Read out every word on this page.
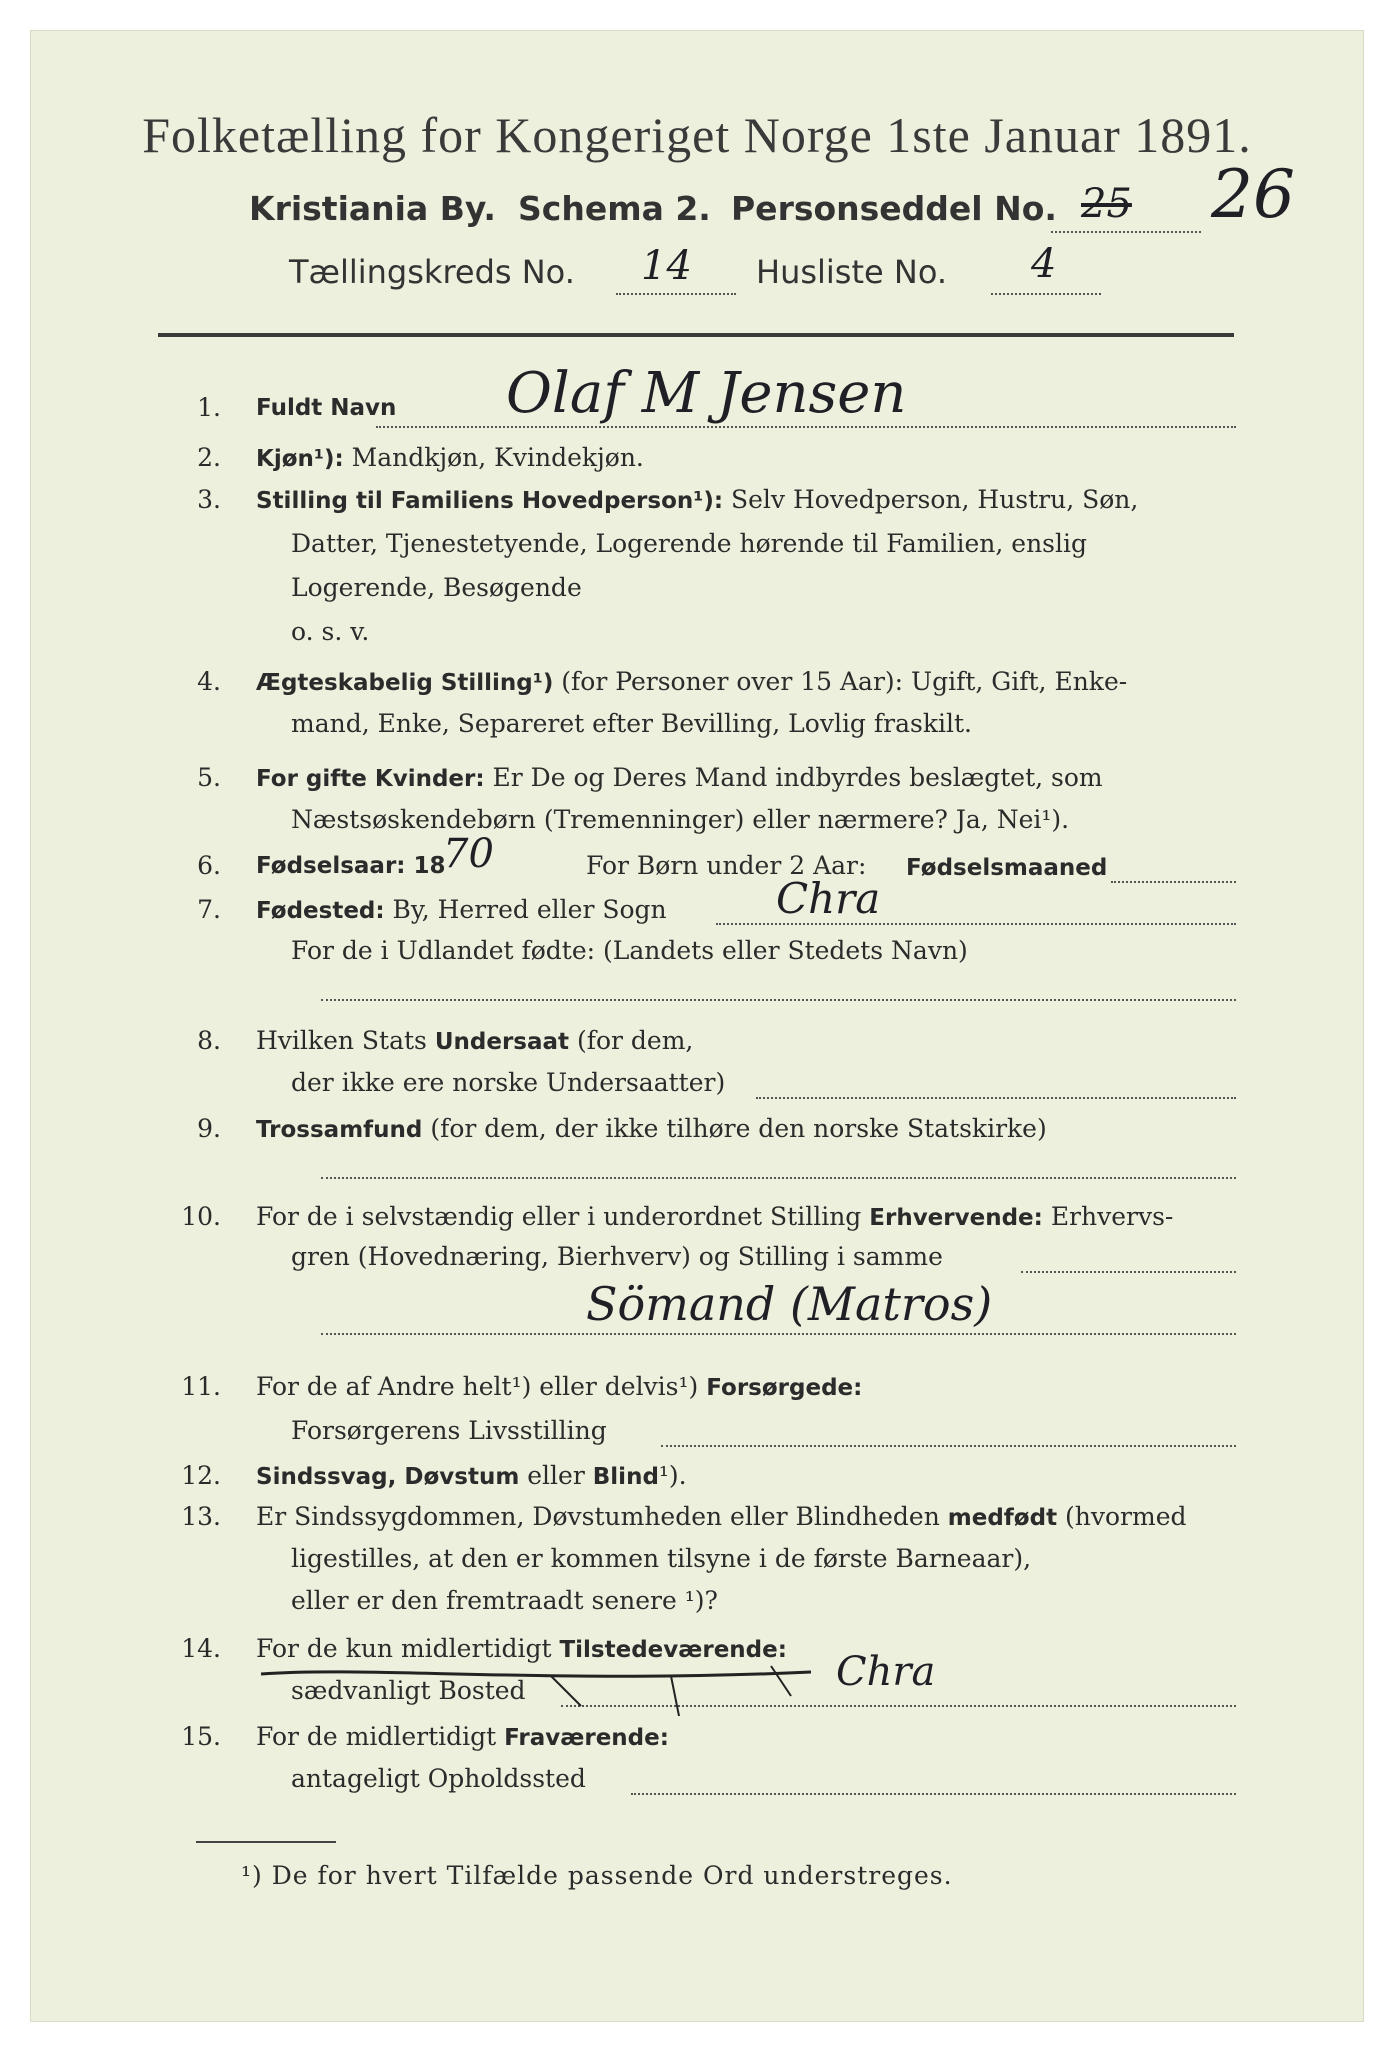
Folketælling for Kongeriget Norge 1ste Januar 1891.
Kristiania By. Schema 2. Personseddel No. 25 26
Tællingskreds No. 14 Husliste No. 4
1. Fuldt Navn Olaf M Jensen
2. Kjøn¹): Mandkjøn, Kvindekjøn.
3. Stilling til Familiens Hovedperson¹): Selv Hovedperson, Hustru, Søn,
Datter, Tjenestetyende, Logerende hørende til Familien, enslig
Logerende, Besøgende
o. s. v.
4. Ægteskabelig Stilling¹) (for Personer over 15 Aar): Ugift, Gift, Enke-
mand, Enke, Separeret efter Bevilling, Lovlig fraskilt.
5. For gifte Kvinder: Er De og Deres Mand indbyrdes beslægtet, som
Næstsøskendebørn (Tremenninger) eller nærmere? Ja, Nei¹).
6. Fødselsaar: 18
70	For Børn under 2 Aar: Fødselsmaaned
7. Fødested: By, Herred eller Sogn	Chra
For de i Udlandet fødte: (Landets eller Stedets Navn)
8. Hvilken Stats Undersaat (for dem,
der ikke ere norske Undersaatter)
9. Trossamfund (for dem, der ikke tilhøre den norske Statskirke)
10. For de i selvstændig eller i underordnet Stilling Erhvervende: Erhvervs-
gren (Hovednæring, Bierhverv) og Stilling i samme
Sömand (Matros)
11. For de af Andre helt¹) eller delvis¹) Forsørgede:
Forsørgerens Livsstilling
12. Sindssvag, Døvstum eller Blind¹).
13. Er Sindssygdommen, Døvstumheden eller Blindheden medfødt (hvormed
ligestilles, at den er kommen tilsyne i de første Barneaar),
eller er den fremtraadt senere ¹)?
14. For de kun midlertidigt Tilstedeværende:
sædvanligt Bosted	Chra
15. For de midlertidigt Fraværende:
antageligt Opholdssted
¹) De for hvert Tilfælde passende Ord understreges.
